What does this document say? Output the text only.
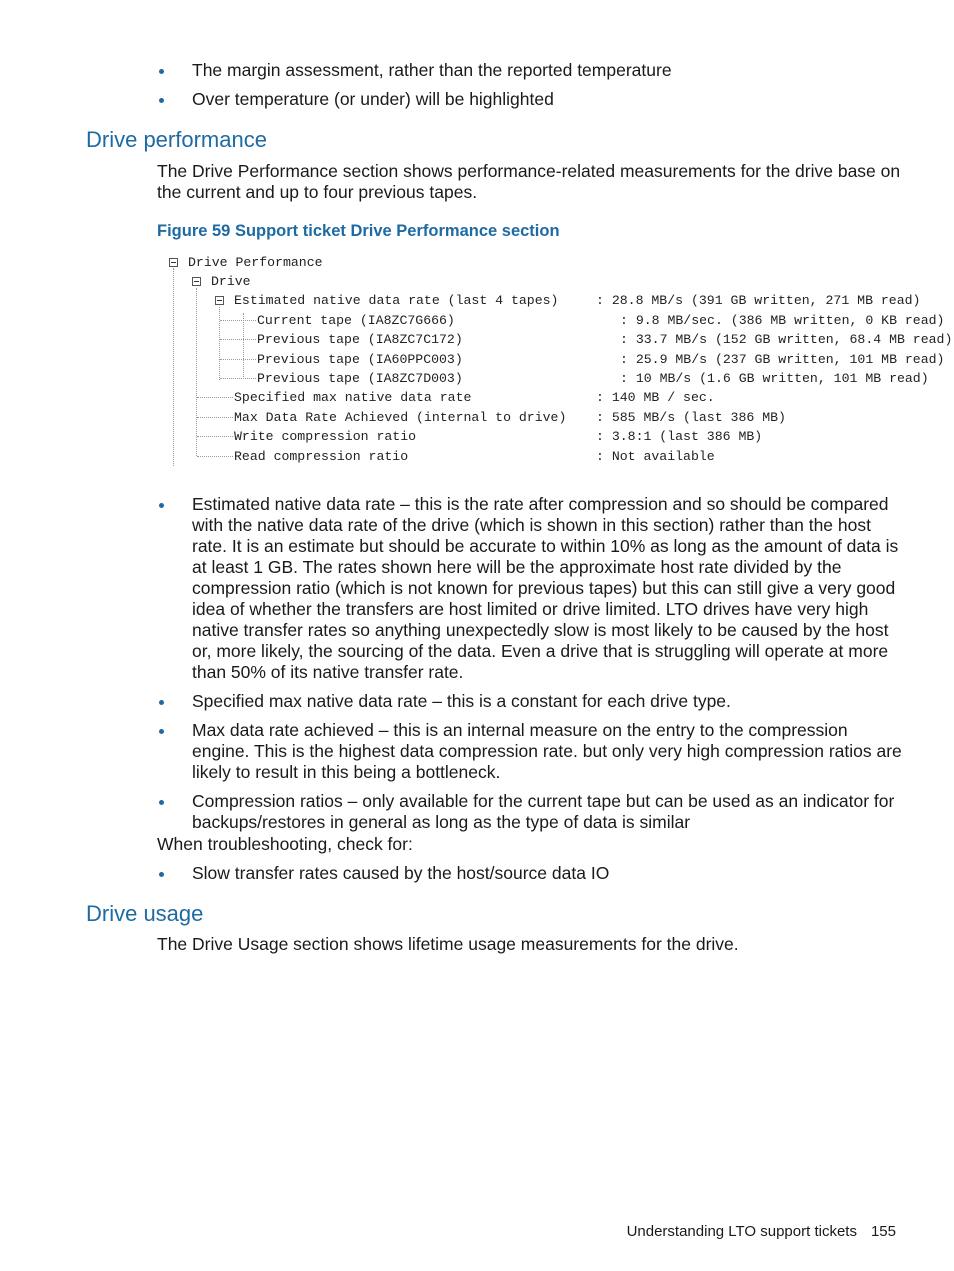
The margin assessment, rather than the reported temperature
Over temperature (or under) will be highlighted
Drive performance

The Drive Performance section shows performance-related measurements for the drive base on the current and up to four previous tapes.

Figure 59 Support ticket Drive Performance section

Drive Performance
Drive
Estimated native data rate (last 4 tapes)	: 28.8 MB/s (391 GB written, 271 MB read)
Current tape (IA8ZC7G666)	: 9.8 MB/sec. (386 MB written, 0 KB read)
Previous tape (IA8ZC7C172)	: 33.7 MB/s (152 GB written, 68.4 MB read)
Previous tape (IA60PPC003)	: 25.9 MB/s (237 GB written, 101 MB read)
Previous tape (IA8ZC7D003)	: 10 MB/s (1.6 GB written, 101 MB read)
Specified max native data rate	: 140 MB / sec.
Max Data Rate Achieved (internal to drive) : 585 MB/s (last 386 MB)
Write compression ratio	: 3.8:1 (last 386 MB)
Read compression ratio	: Not available
Estimated native data rate – this is the rate after compression and so should be compared with the native data rate of the drive (which is shown in this section) rather than the host rate. It is an estimate but should be accurate to within 10% as long as the amount of data is at least 1 GB. The rates shown here will be the approximate host rate divided by the compression ratio (which is not known for previous tapes) but this can still give a very good idea of whether the transfers are host limited or drive limited. LTO drives have very high native transfer rates so anything unexpectedly slow is most likely to be caused by the host or, more likely, the sourcing of the data. Even a drive that is struggling will operate at more than 50% of its native transfer rate.
Specified max native data rate – this is a constant for each drive type.
Max data rate achieved – this is an internal measure on the entry to the compression engine. This is the highest data compression rate. but only very high compression ratios are likely to result in this being a bottleneck.
Compression ratios – only available for the current tape but can be used as an indicator for backups/restores in general as long as the type of data is similar

When troubleshooting, check for:

Slow transfer rates caused by the host/source data IO
Drive usage

The Drive Usage section shows lifetime usage measurements for the drive.

Understanding LTO support tickets 155
